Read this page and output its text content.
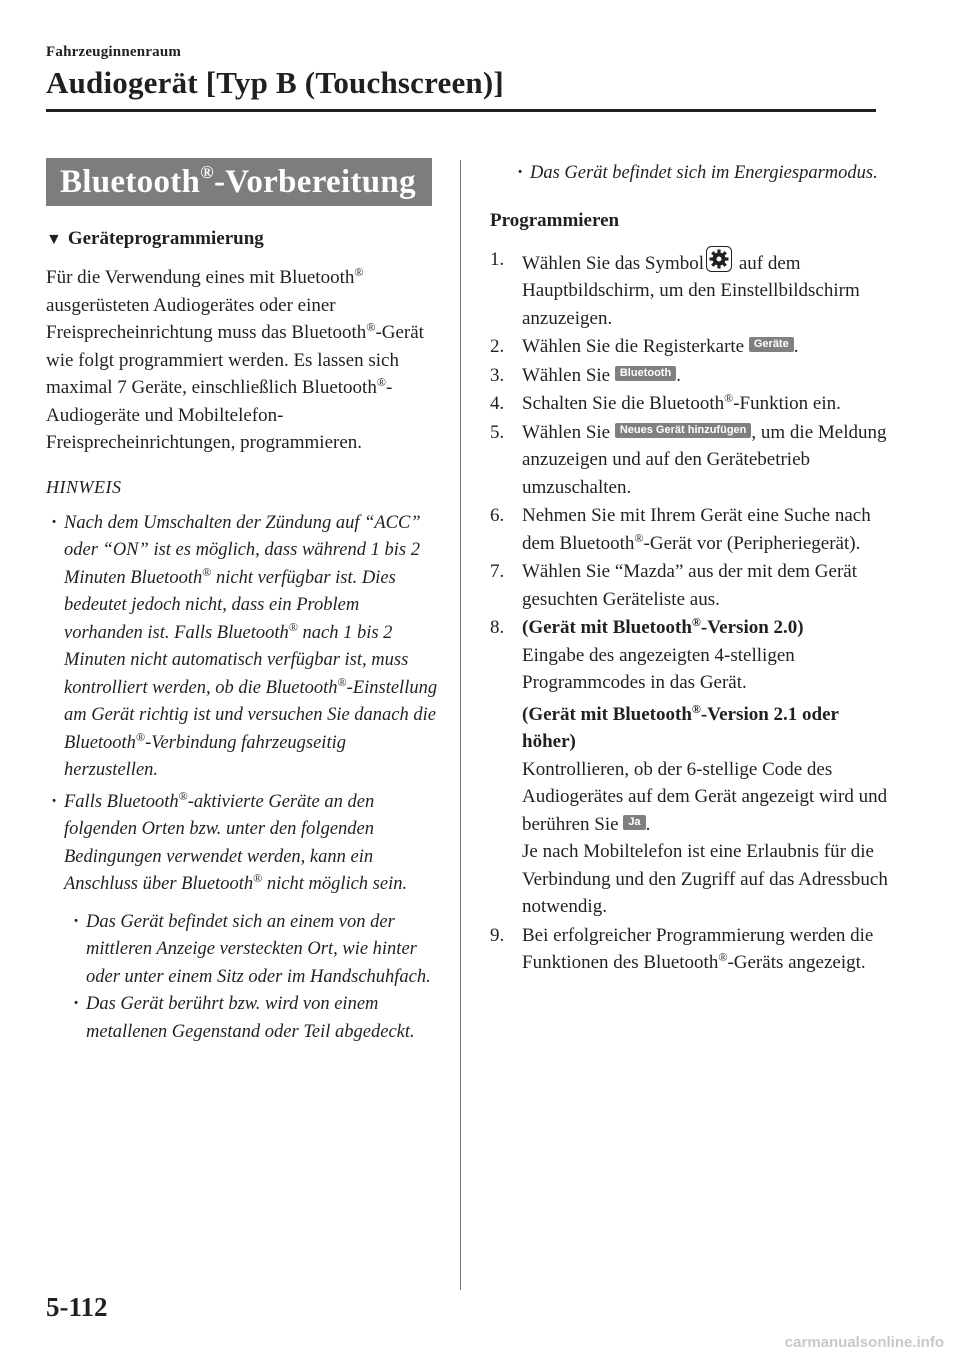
Fahrzeuginnenraum
Audiogerät [Typ B (Touchscreen)]
Bluetooth®-Vorbereitung
▼ Geräteprogrammierung
Für die Verwendung eines mit Bluetooth® ausgerüsteten Audiogerätes oder einer Freisprecheinrichtung muss das Bluetooth®-Gerät wie folgt programmiert werden. Es lassen sich maximal 7 Geräte, einschließlich Bluetooth®-Audiogeräte und Mobiltelefon-Freisprecheinrichtungen, programmieren.
HINWEIS
· Nach dem Umschalten der Zündung auf “ACC” oder “ON” ist es möglich, dass während 1 bis 2 Minuten Bluetooth® nicht verfügbar ist. Dies bedeutet jedoch nicht, dass ein Problem vorhanden ist. Falls Bluetooth® nach 1 bis 2 Minuten nicht automatisch verfügbar ist, muss kontrolliert werden, ob die Bluetooth®-Einstellung am Gerät richtig ist und versuchen Sie danach die Bluetooth®-Verbindung fahrzeugseitig herzustellen.
· Falls Bluetooth®-aktivierte Geräte an den folgenden Orten bzw. unter den folgenden Bedingungen verwendet werden, kann ein Anschluss über Bluetooth® nicht möglich sein.
· Das Gerät befindet sich an einem von der mittleren Anzeige versteckten Ort, wie hinter oder unter einem Sitz oder im Handschuhfach.
· Das Gerät berührt bzw. wird von einem metallenen Gegenstand oder Teil abgedeckt.
· Das Gerät befindet sich im Energiesparmodus.
Programmieren
1. Wählen Sie das Symbol auf dem Hauptbildschirm, um den Einstellbildschirm anzuzeigen.
2. Wählen Sie die Registerkarte Geräte .
3. Wählen Sie Bluetooth .
4. Schalten Sie die Bluetooth®-Funktion ein.
5. Wählen Sie Neues Gerät hinzufügen , um die Meldung anzuzeigen und auf den Gerätebetrieb umzuschalten.
6. Nehmen Sie mit Ihrem Gerät eine Suche nach dem Bluetooth®-Gerät vor (Peripheriegerät).
7. Wählen Sie “Mazda” aus der mit dem Gerät gesuchten Geräteliste aus.
8. (Gerät mit Bluetooth®-Version 2.0)
Eingabe des angezeigten 4-stelligen Programmcodes in das Gerät.
(Gerät mit Bluetooth®-Version 2.1 oder höher)
Kontrollieren, ob der 6-stellige Code des Audiogerätes auf dem Gerät angezeigt wird und berühren Sie Ja .
Je nach Mobiltelefon ist eine Erlaubnis für die Verbindung und den Zugriff auf das Adressbuch notwendig.
9. Bei erfolgreicher Programmierung werden die Funktionen des Bluetooth®-Geräts angezeigt.
5-112
carmanualsonline.info
